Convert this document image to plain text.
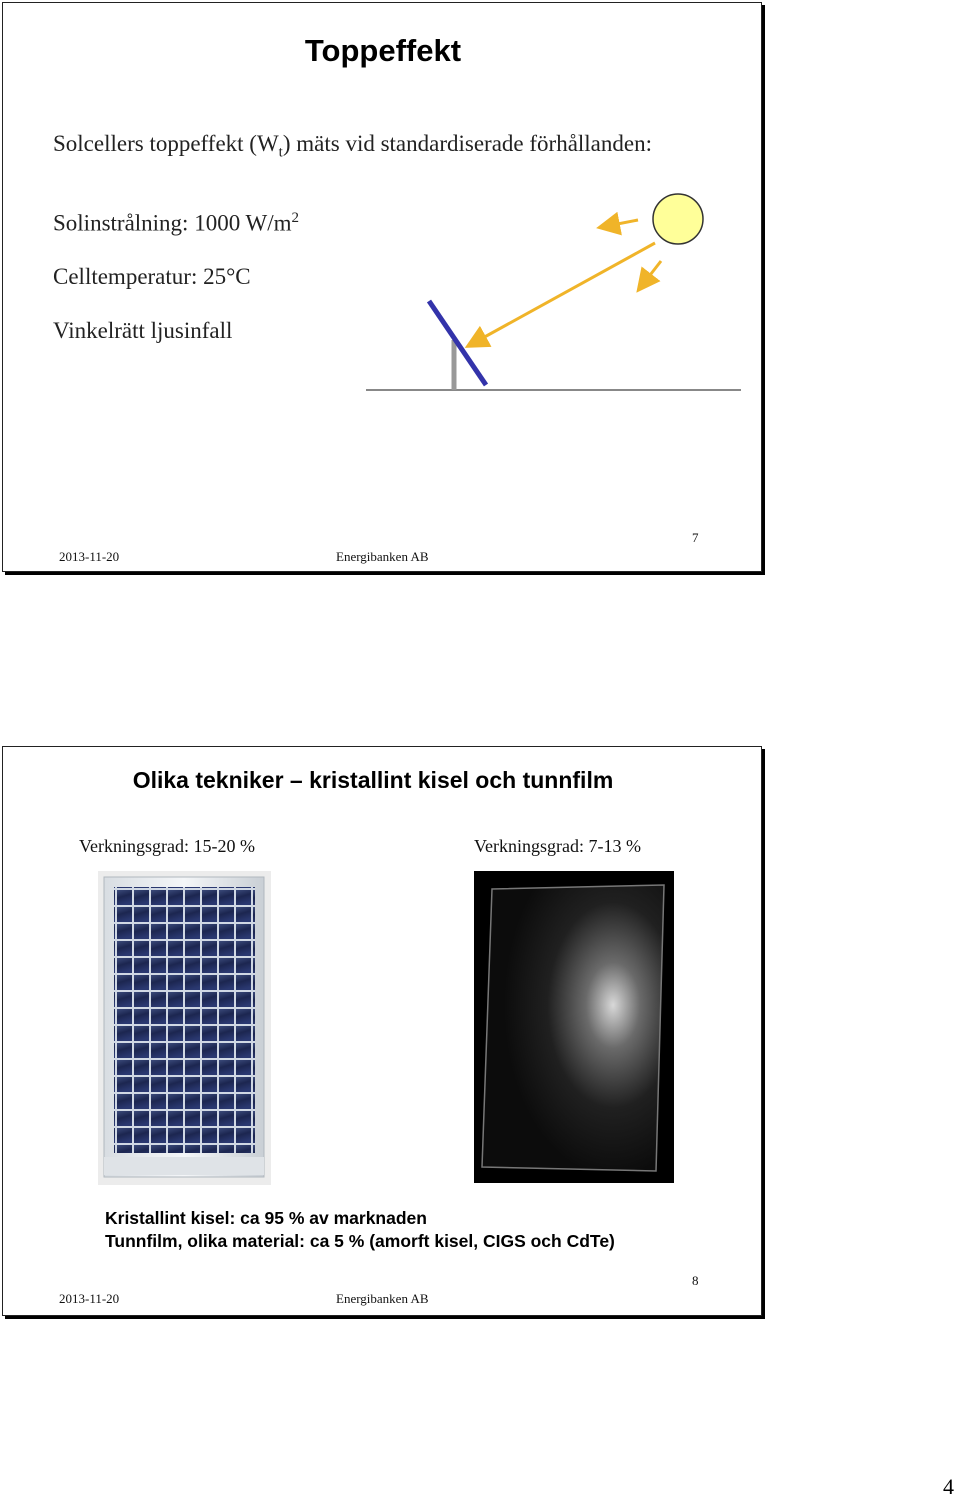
Toppeffekt
Solcellers toppeffekt $(W_t)$ mäts vid standardiserade förhållanden:
Solinstrålning: 1000 $W/m^2$
Celltemperatur: 25°C
Vinkelrätt ljusinfall
2013-11-20	Energibanken AB
7
Olika tekniker – kristallint kisel och tunnfilm
Verkningsgrad: 15-20 %	Verkningsgrad: 7-13 %
Kristallint kisel: ca 95 % av marknaden
Tunnfilm, olika material: ca 5 % (amorft kisel, CIGS och CdTe)
2013-11-20	Energibanken AB
8
4
